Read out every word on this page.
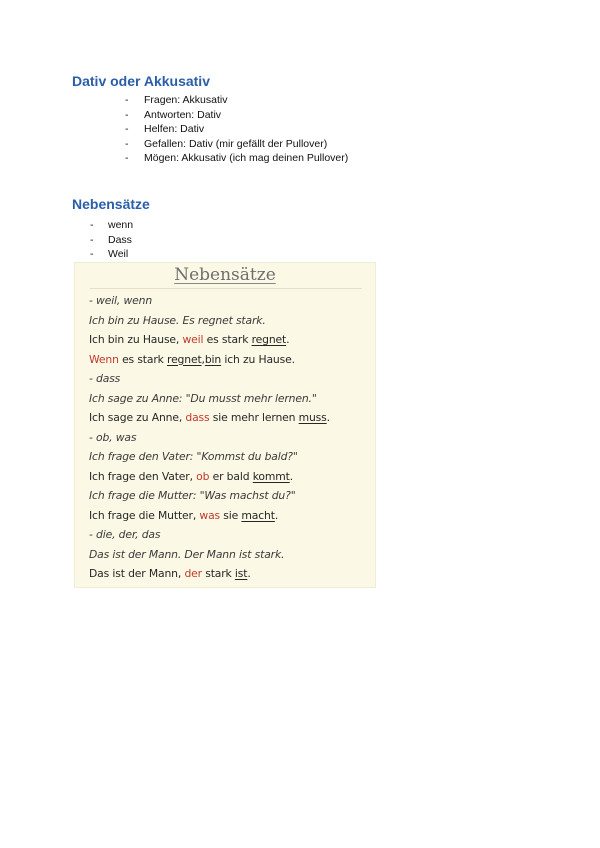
Dativ oder Akkusativ
- Fragen: Akkusativ
- Antworten: Dativ
- Helfen: Dativ
- Gefallen: Dativ (mir gefällt der Pullover)
- Mögen: Akkusativ (ich mag deinen Pullover)
Nebensätze
- wenn
- Dass
- Weil
Nebensätze
- weil, wenn
Ich bin zu Hause. Es regnet stark.
Ich bin zu Hause, weil es stark regnet.
Wenn es stark regnet,bin ich zu Hause.
- dass
Ich sage zu Anne: "Du musst mehr lernen."
Ich sage zu Anne, dass sie mehr lernen muss.
- ob, was
Ich frage den Vater: "Kommst du bald?"
Ich frage den Vater, ob er bald kommt.
Ich frage die Mutter: "Was machst du?"
Ich frage die Mutter, was sie macht.
- die, der, das
Das ist der Mann. Der Mann ist stark.
Das ist der Mann, der stark ist.
